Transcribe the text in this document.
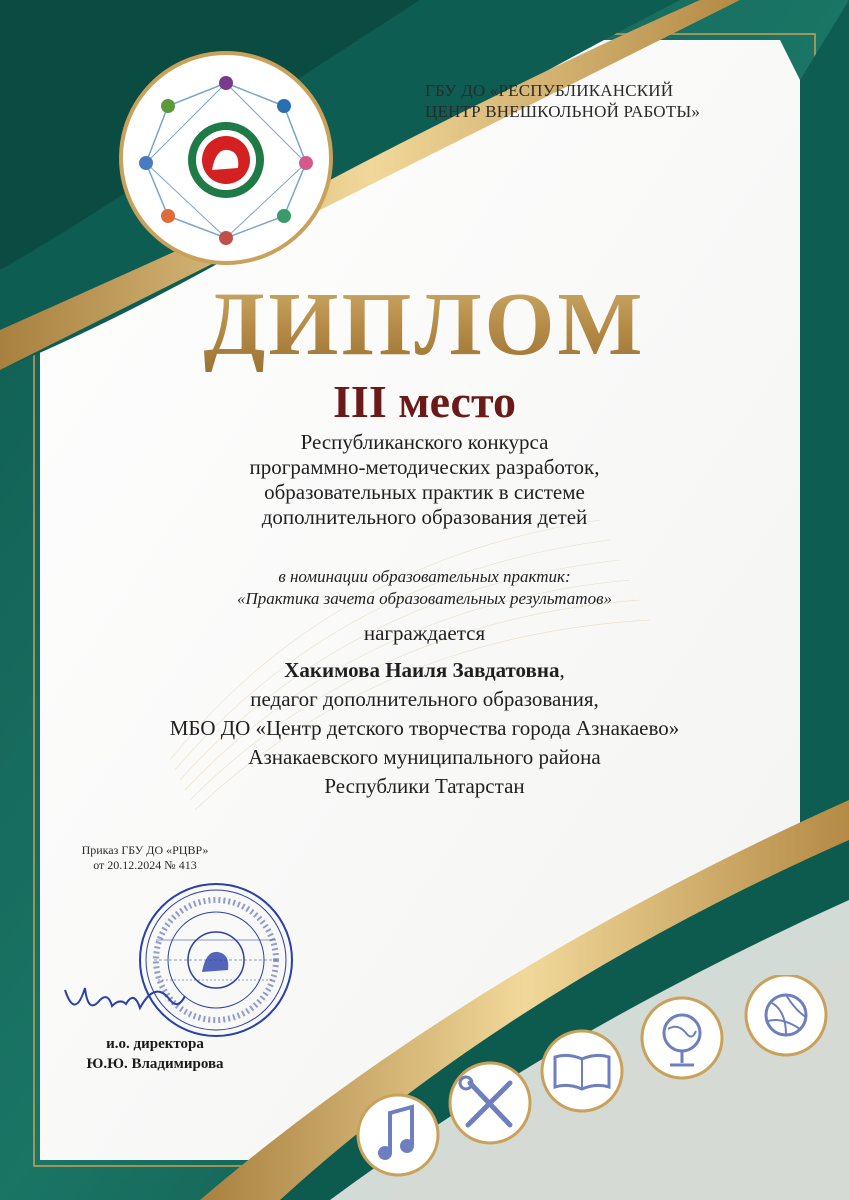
ГБУ ДО «РЕСПУБЛИКАНСКИЙ
ЦЕНТР ВНЕШКОЛЬНОЙ РАБОТЫ»
ДИПЛОМ
III место
Республиканского конкурса
программно-методических разработок,
образовательных практик в системе
дополнительного образования детей
в номинации образовательных практик:
«Практика зачета образовательных результатов»
награждается
Хакимова Наиля Завдатовна,
педагог дополнительного образования,
МБО ДО «Центр детского творчества города Азнакаево»
Азнакаевского муниципального района
Республики Татарстан
Приказ ГБУ ДО «РЦВР»
от 20.12.2024 № 413
и.о. директора
Ю.Ю. Владимирова
